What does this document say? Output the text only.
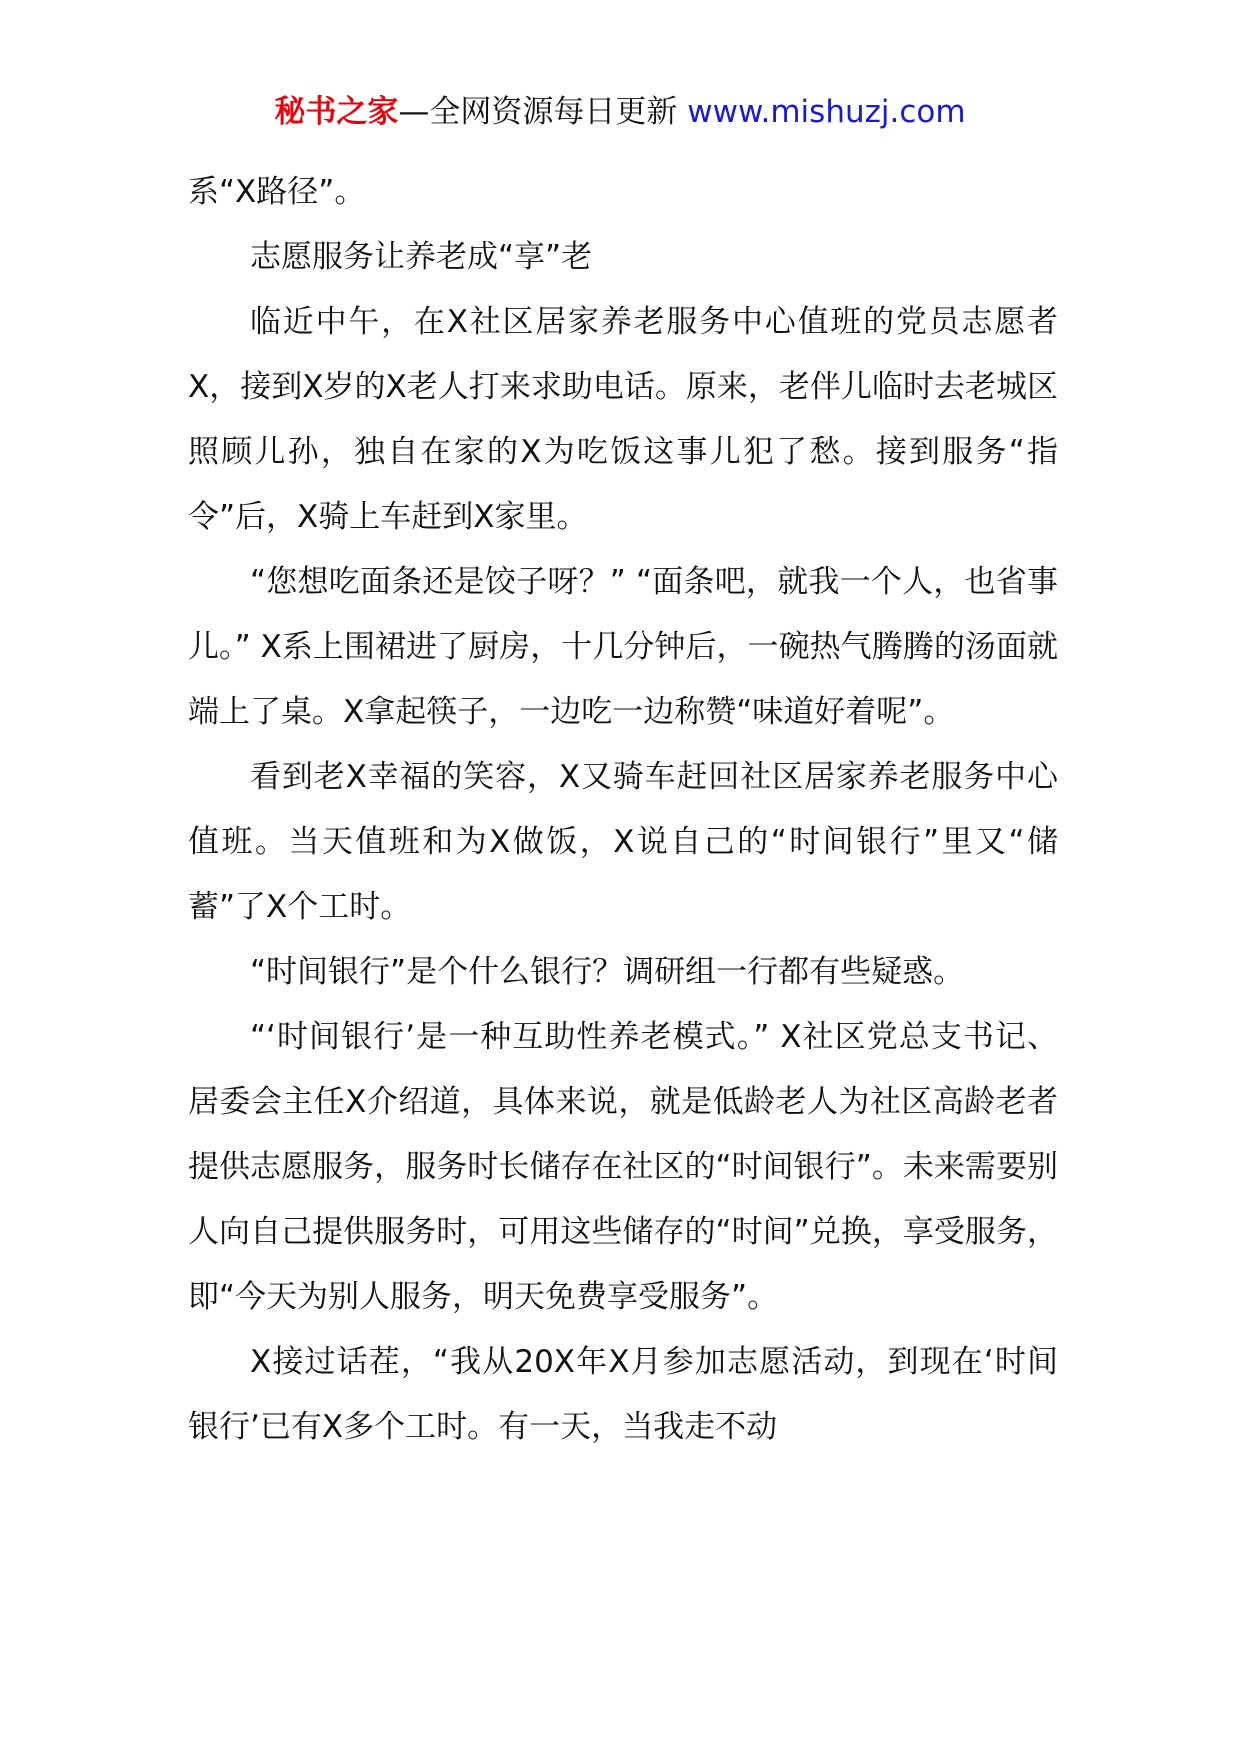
秘书之家—全网资源每日更新 www.mishuzj.com

系“X路径”。

志愿服务让养老成“享”老

临近中午，在X社区居家养老服务中心值班的党员志愿者X，接到X岁的X老人打来求助电话。原来，老伴儿临时去老城区照顾儿孙，独自在家的X为吃饭这事儿犯了愁。接到服务“指令”后，X骑上车赶到X家里。

“您想吃面条还是饺子呀？” “面条吧，就我一个人，也省事儿。” X系上围裙进了厨房，十几分钟后，一碗热气腾腾的汤面就端上了桌。X拿起筷子，一边吃一边称赞“味道好着呢”。

看到老X幸福的笑容，X又骑车赶回社区居家养老服务中心值班。当天值班和为X做饭，X说自己的“时间银行”里又“储蓄”了X个工时。

“时间银行”是个什么银行？调研组一行都有些疑惑。

“‘时间银行’是一种互助性养老模式。” X社区党总支书记、居委会主任X介绍道，具体来说，就是低龄老人为社区高龄老者提供志愿服务，服务时长储存在社区的“时间银行”。未来需要别人向自己提供服务时，可用这些储存的“时间”兑换，享受服务，即“今天为别人服务，明天免费享受服务”。

X接过话茬，“我从20X年X月参加志愿活动，到现在‘时间银行’已有X多个工时。有一天，当我走不动
